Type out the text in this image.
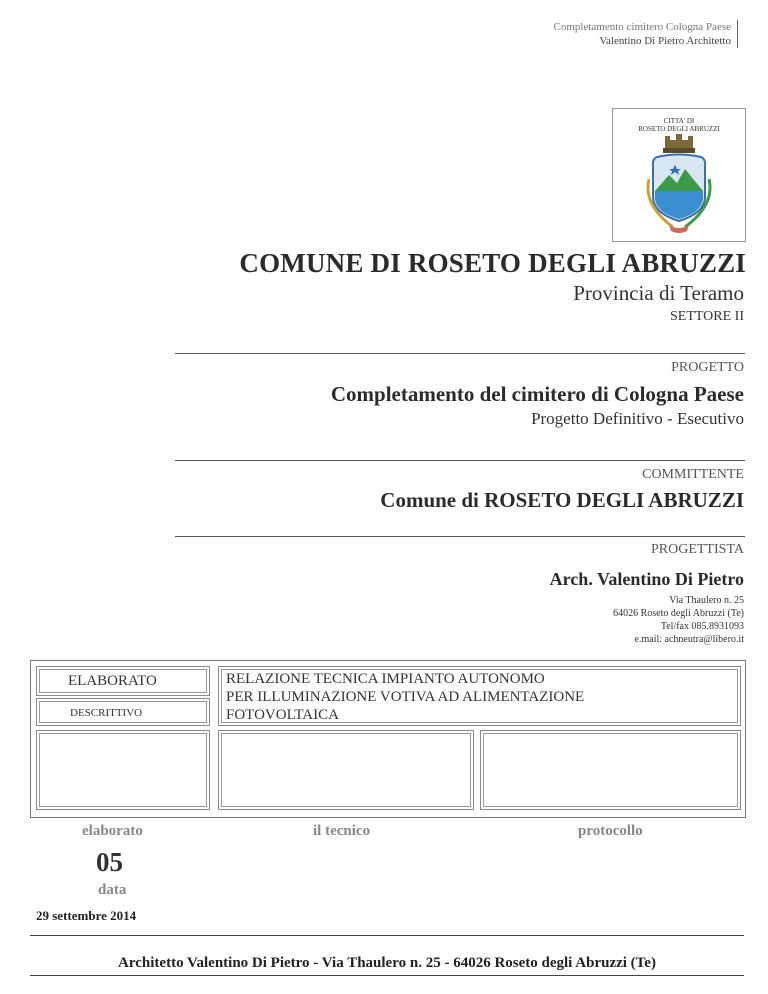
Completamento cimitero Cologna Paese
Valentino Di Pietro Architetto
CITTA' DI
ROSETO DEGLI ABRUZZI
COMUNE DI ROSETO DEGLI ABRUZZI
Provincia di Teramo
SETTORE II
PROGETTO
Completamento del cimitero di Cologna Paese
Progetto Definitivo - Esecutivo
COMMITTENTE
Comune di ROSETO DEGLI ABRUZZI
PROGETTISTA
Arch. Valentino Di Pietro
Via Thaulero n. 25
64026 Roseto degli Abruzzi (Te)
Tel/fax 085.8931093
e.mail: achneutra@libero.it
ELABORATO
DESCRITTIVO
RELAZIONE TECNICA IMPIANTO AUTONOMO
PER ILLUMINAZIONE VOTIVA AD ALIMENTAZIONE
FOTOVOLTAICA
elaborato	il tecnico	protocollo
05
data
29 settembre 2014
Architetto Valentino Di Pietro - Via Thaulero n. 25 - 64026 Roseto degli Abruzzi (Te)
